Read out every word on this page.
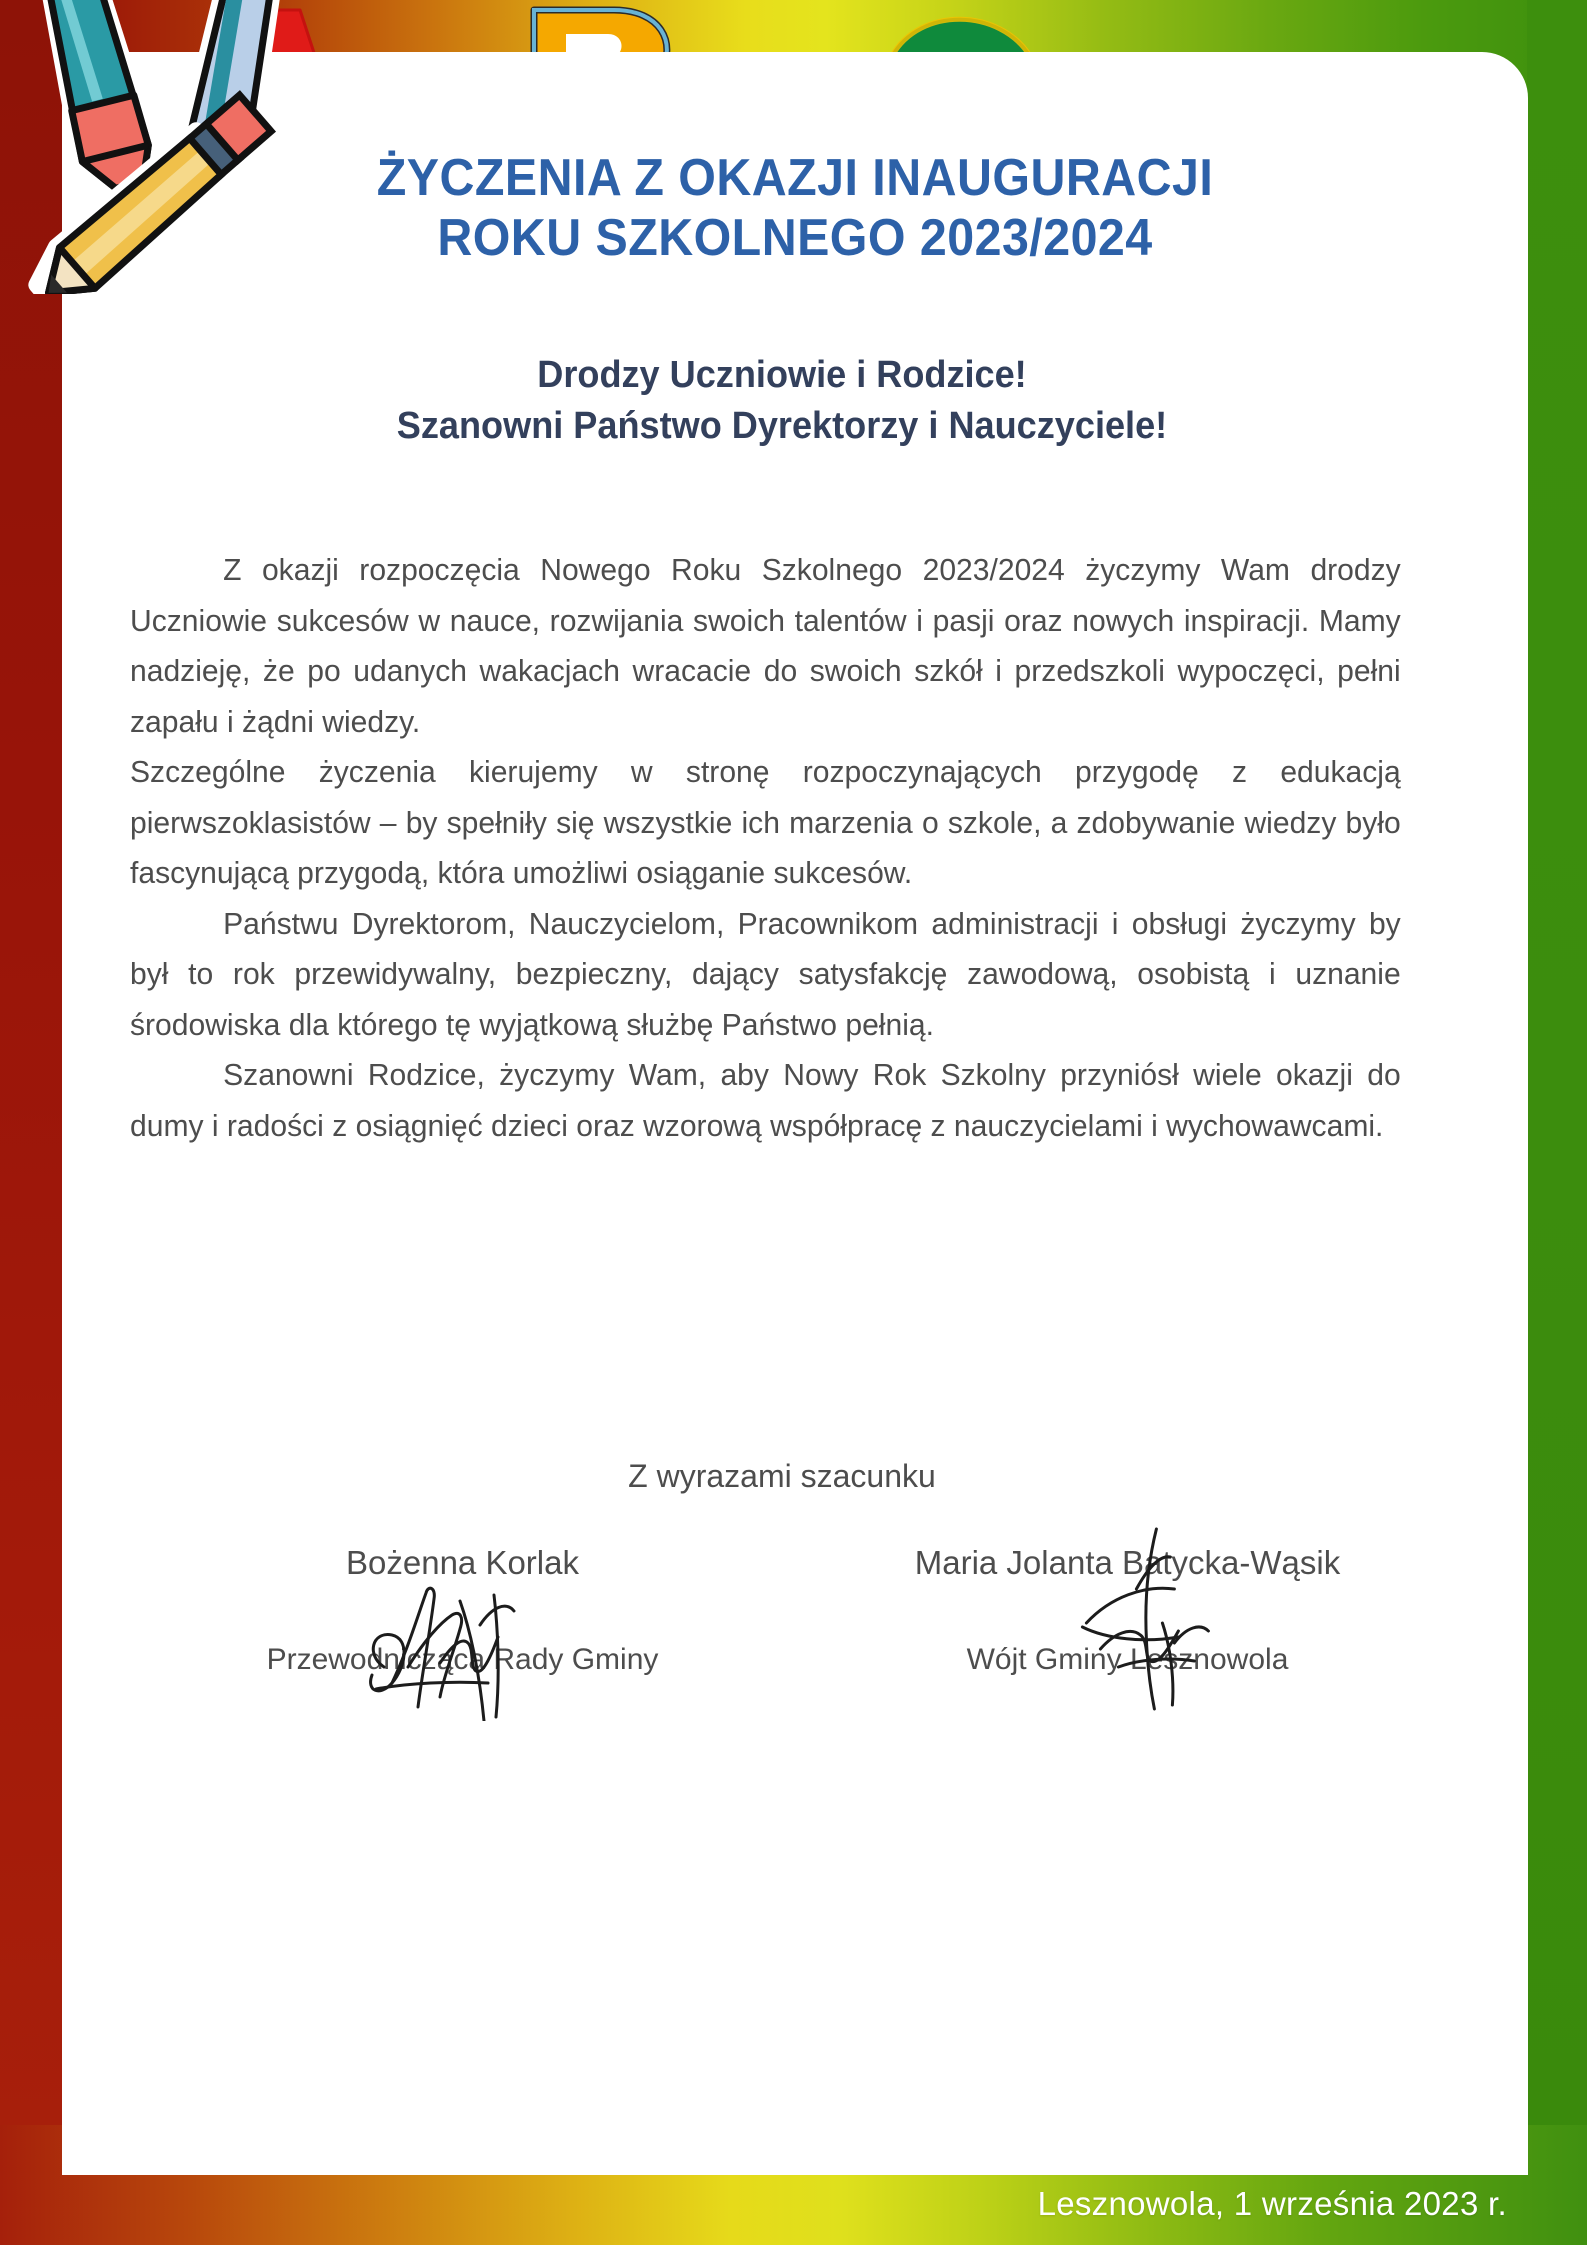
ŻYCZENIA Z OKAZJI INAUGURACJI
ROKU SZKOLNEGO 2023/2024
Drodzy Uczniowie i Rodzice!
Szanowni Państwo Dyrektorzy i Nauczyciele!

Z okazji rozpoczęcia Nowego Roku Szkolnego 2023/2024 życzymy Wam drodzy Uczniowie sukcesów w nauce, rozwijania swoich talentów i pasji oraz nowych inspiracji. Mamy nadzieję, że po udanych wakacjach wracacie do swoich szkół i przedszkoli wypoczęci, pełni zapału i żądni wiedzy.

Szczególne życzenia kierujemy w stronę rozpoczynających przygodę z edukacją pierwszoklasistów – by spełniły się wszystkie ich marzenia o szkole, a zdobywanie wiedzy było fascynującą przygodą, która umożliwi osiąganie sukcesów.

Państwu Dyrektorom, Nauczycielom, Pracownikom administracji i obsługi życzymy by był to rok przewidywalny, bezpieczny, dający satysfakcję zawodową, osobistą i uznanie środowiska dla którego tę wyjątkową służbę Państwo pełnią.

Szanowni Rodzice, życzymy Wam, aby Nowy Rok Szkolny przyniósł wiele okazji do dumy i radości z osiągnięć dzieci oraz wzorową współpracę z nauczycielami i wychowawcami.

Z wyrazami szacunku
Bożenna Korlak
Przewodnicząca Rady Gminy
Maria Jolanta Batycka-Wąsik
Wójt Gminy Lesznowola

Lesznowola, 1 września 2023 r.
